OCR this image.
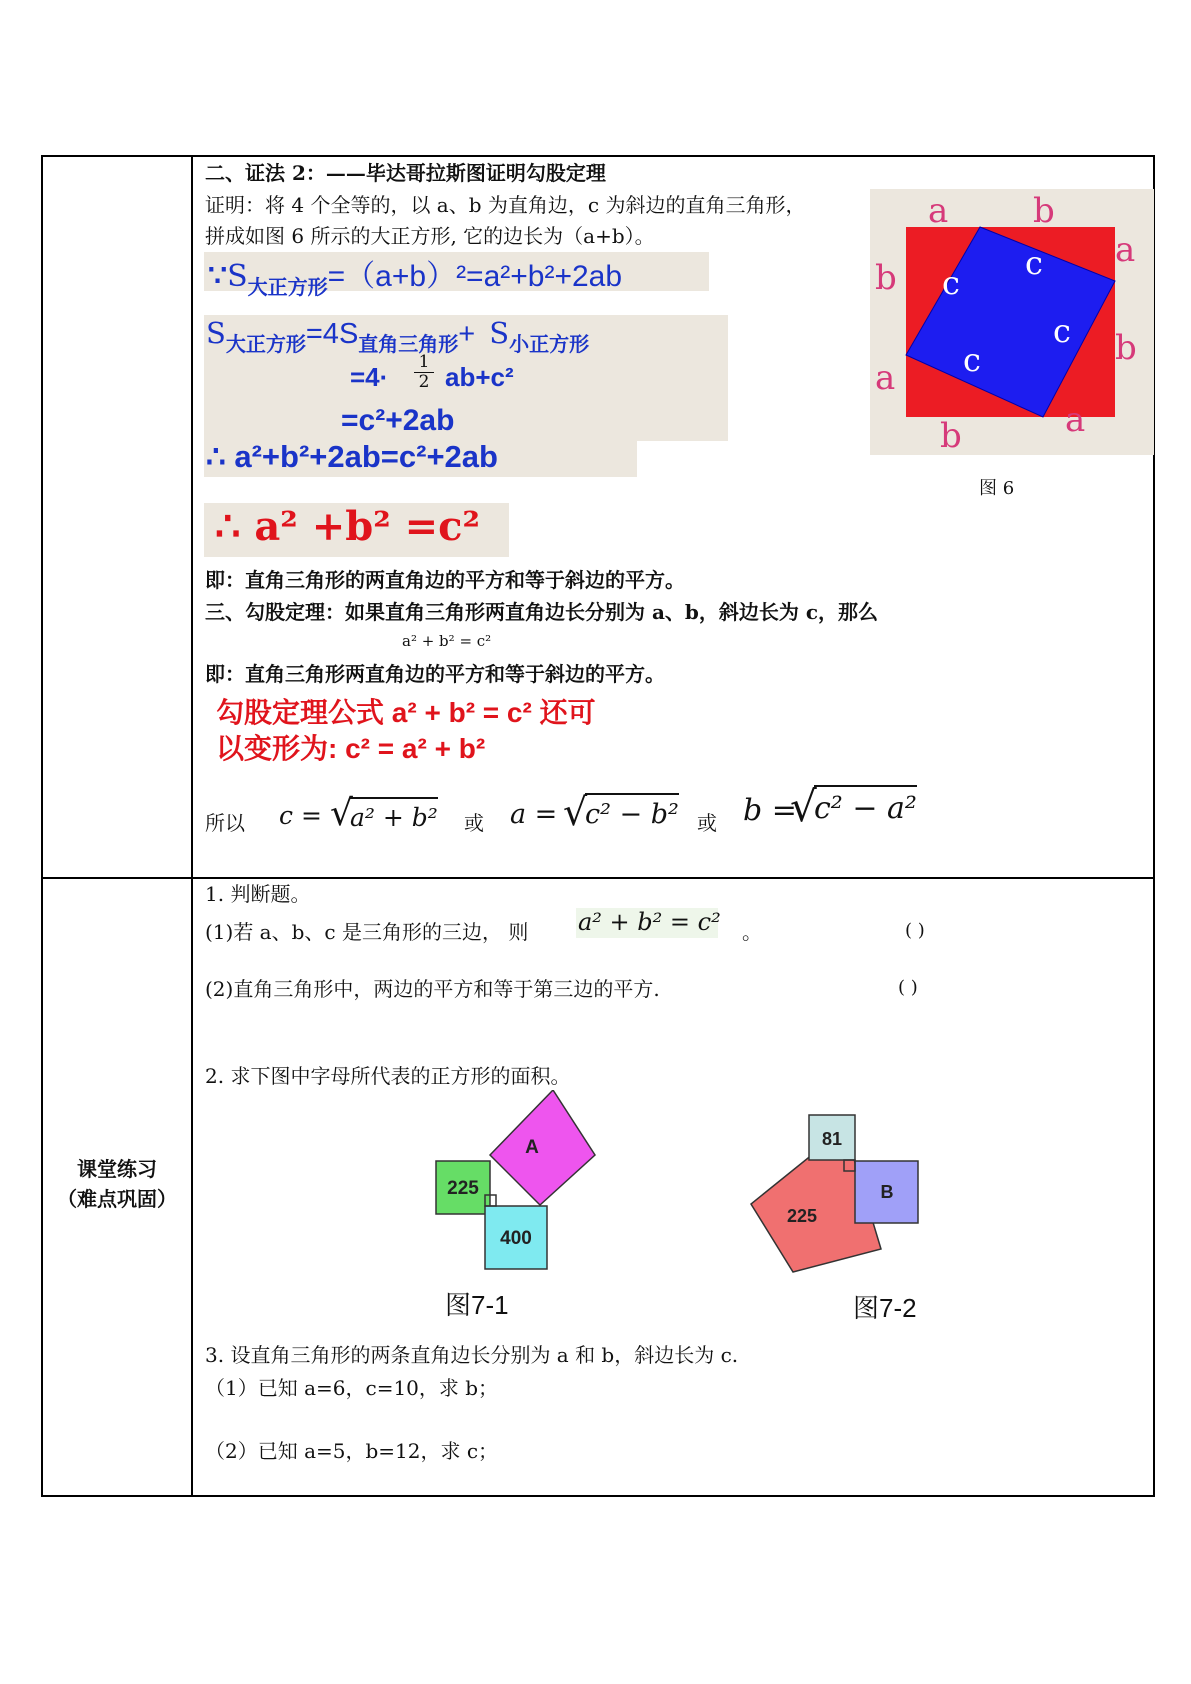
二、证法 2：——毕达哥拉斯图证明勾股定理
证明：将 4 个全等的，以 a、b 为直角边，c 为斜边的直角三角形，
拼成如图 6 所示的大正方形, 它的边长为（a+b）。
$\because S_{大正方形}=(a+b)^2=a^2+b^2+2ab$
$S_{大正方形}=4S_{直角三角形}+ S_{小正方形}$
$=4\cdot \frac{1}{2} ab+c^2$
=c²+2ab
∴ a²+b²+2ab=c²+2ab
∴ a² +b² =c²
a b
a
b
a
b
b
a
c
c
c
c
图 6
即：直角三角形的两直角边的平方和等于斜边的平方。
三、勾股定理：如果直角三角形两直角边长分别为 a、b，斜边长为 c，那么
a² + b² = c²
即：直角三角形两直角边的平方和等于斜边的平方。
勾股定理公式 a² + b² = c² 还可
以变形为: c² = a² + b²
所以 c = √
a² + b² 或 a = √
c² − b² 或 b =
√
c² − a²
课堂练习
（难点巩固）
1. 判断题。
(1)若 a、b、c 是三角形的三边， 则 a² + b² = c² 。	( )
(2)直角三角形中，两边的平方和等于第三边的平方.	( )
2. 求下图中字母所代表的正方形的面积。
A
225
400
图7-1
81
B
225
图7-2
3. 设直角三角形的两条直角边长分别为 a 和 b，斜边长为 c.
（1）已知 a=6，c=10，求 b；
（2）已知 a=5，b=12，求 c；
